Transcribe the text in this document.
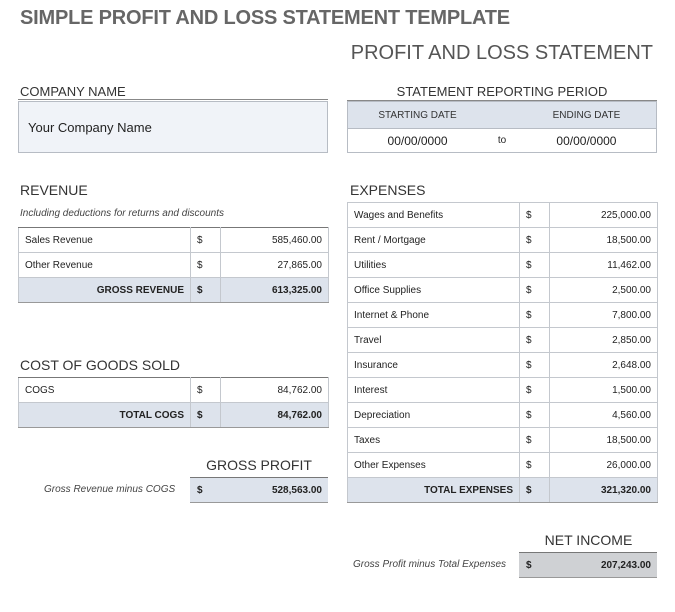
SIMPLE PROFIT AND LOSS STATEMENT TEMPLATE
PROFIT AND LOSS STATEMENT
COMPANY NAME
Your Company Name
STATEMENT REPORTING PERIOD
STARTING DATE	ENDING DATE
00/00/0000	to	00/00/0000
REVENUE
Including deductions for returns and discounts
Sales Revenue	$	585,460.00
Other Revenue	$	27,865.00
GROSS REVENUE	$	613,325.00
COST OF GOODS SOLD
COGS	$	84,762.00
TOTAL COGS	$	84,762.00
GROSS PROFIT
Gross Revenue minus COGS $	528,563.00
EXPENSES
Wages and Benefits	$	225,000.00
Rent / Mortgage	$	18,500.00
Utilities	$	11,462.00
Office Supplies	$	2,500.00
Internet & Phone	$	7,800.00
Travel	$	2,850.00
Insurance	$	2,648.00
Interest	$	1,500.00
Depreciation	$	4,560.00
Taxes	$	18,500.00
Other Expenses	$	26,000.00
TOTAL EXPENSES	$	321,320.00
NET INCOME
Gross Profit minus Total Expenses $	207,243.00
